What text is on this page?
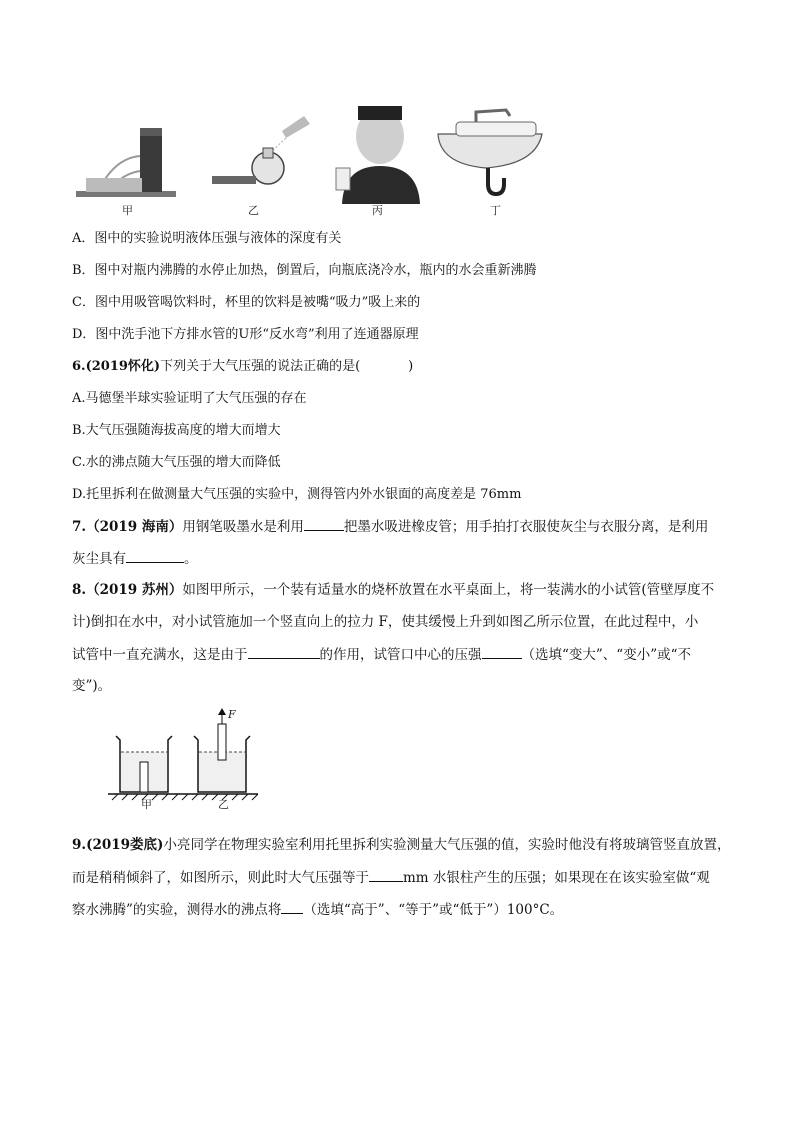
甲	乙	丙	丁
A．图中的实验说明液体压强与液体的深度有关
B．图中对瓶内沸腾的水停止加热，倒置后，向瓶底浇冷水，瓶内的水会重新沸腾
C．图中用吸管喝饮料时，杯里的饮料是被嘴“吸力”吸上来的
D．图中洗手池下方排水管的U形“反水弯”利用了连通器原理
6.(2019怀化)下列关于大气压强的说法正确的是(	)
A.马德堡半球实验证明了大气压强的存在
B.大气压强随海拔高度的增大而增大
C.水的沸点随大气压强的增大而降低
D.托里拆利在做测量大气压强的实验中，测得管内外水银面的高度差是 76mm
7.（2019 海南）用钢笔吸墨水是利用	把墨水吸进橡皮管；用手拍打衣服使灰尘与衣服分离，是利用
灰尘具有	。
8.（2019 苏州）如图甲所示，一个装有适量水的烧杯放置在水平桌面上，将一装满水的小试管(管壁厚度不
计)倒扣在水中，对小试管施加一个竖直向上的拉力 F，使其缓慢上升到如图乙所示位置，在此过程中，小
试管中一直充满水，这是由于	的作用，试管口中心的压强	（选填“变大”、“变小”或“不
变”)。
F
甲	乙
9.(2019娄底)小亮同学在物理实验室利用托里拆利实验测量大气压强的值，实验时他没有将玻璃管竖直放置，
而是稍稍倾斜了，如图所示，则此时大气压强等于	mm 水银柱产生的压强；如果现在在该实验室做“观
察水沸腾”的实验，测得水的沸点将 （选填“高于”、“等于”或“低于”）100°C。
